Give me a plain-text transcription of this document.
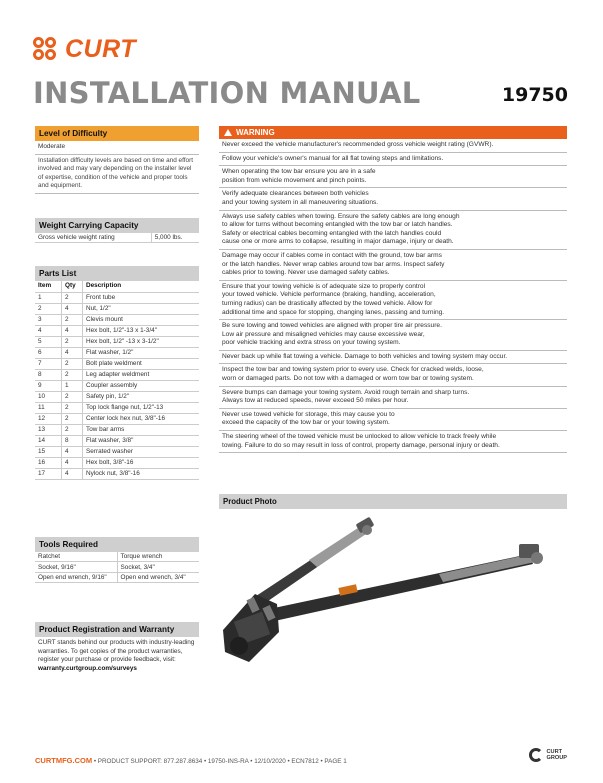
CURT
INSTALLATION MANUAL	19750
Level of Difficulty
Moderate
Installation difficulty levels are based on time and effort involved and may vary depending on the installer level of expertise, condition of the vehicle and proper tools and equipment.
Weight Carrying Capacity
Gross vehicle weight rating	5,000 lbs.
Parts List
Item	Qty	Description
1	2	Front tube
2	4	Nut, 1/2"
3	2	Clevis mount
4	4	Hex bolt, 1/2"-13 x 1-3/4"
5	2	Hex bolt, 1/2" -13 x 3-1/2"
6	4	Flat washer, 1/2"
7	2	Bolt plate weldment
8	2	Leg adapter weldment
9	1	Coupler assembly
10	2	Safety pin, 1/2"
11	2	Top lock flange nut, 1/2"-13
12	2	Center lock hex nut, 3/8"-16
13	2	Tow bar arms
14	8	Flat washer, 3/8"
15	4	Serrated washer
16	4	Hex bolt, 3/8"-16
17	4	Nylock nut, 3/8"-16
Tools Required
Ratchet	Torque wrench
Socket, 9/16"	Socket, 3/4"
Open end wrench, 9/16"	Open end wrench, 3/4"
Product Registration and Warranty
CURT stands behind our products with industry-leading warranties. To get copies of the product warranties, register your purchase or provide feedback, visit:
warranty.curtgroup.com/surveys
WARNING
Never exceed the vehicle manufacturer's recommended gross vehicle weight rating (GVWR).
Follow your vehicle's owner's manual for all flat towing steps and limitations.
When operating the tow bar ensure you are in a safe
position from vehicle movement and pinch points.
Verify adequate clearances between both vehicles
and your towing system in all maneuvering situations.
Always use safety cables when towing. Ensure the safety cables are long enough
to allow for turns without becoming entangled with the tow bar or latch handles.
Safety or electrical cables becoming entangled with the latch handles could
cause one or more arms to collapse, resulting in major damage, injury or death.
Damage may occur if cables come in contact with the ground, tow bar arms
or the latch handles. Never wrap cables around tow bar arms. Inspect safety
cables prior to towing. Never use damaged safety cables.
Ensure that your towing vehicle is of adequate size to properly control
your towed vehicle. Vehicle performance (braking, handling, acceleration,
turning radius) can be drastically affected by the towed vehicle. Allow for
additional time and space for stopping, changing lanes, passing and turning.
Be sure towing and towed vehicles are aligned with proper tire air pressure.
Low air pressure and misaligned vehicles may cause excessive wear,
poor vehicle tracking and extra stress on your towing system.
Never back up while flat towing a vehicle. Damage to both vehicles and towing system may occur.
Inspect the tow bar and towing system prior to every use. Check for cracked welds, loose,
worn or damaged parts. Do not tow with a damaged or worn tow bar or towing system.
Severe bumps can damage your towing system. Avoid rough terrain and sharp turns.
Always tow at reduced speeds, never exceed 50 miles per hour.
Never use towed vehicle for storage, this may cause you to
exceed the capacity of the tow bar or your towing system.
The steering wheel of the towed vehicle must be unlocked to allow vehicle to track freely while
towing. Failure to do so may result in loss of control, property damage, personal injury or death.
Product Photo
CURTMFG.COM • PRODUCT SUPPORT: 877.287.8634 • 19750-INS-RA • 12/10/2020 • ECN7812 • PAGE 1
CURT
GROUP
